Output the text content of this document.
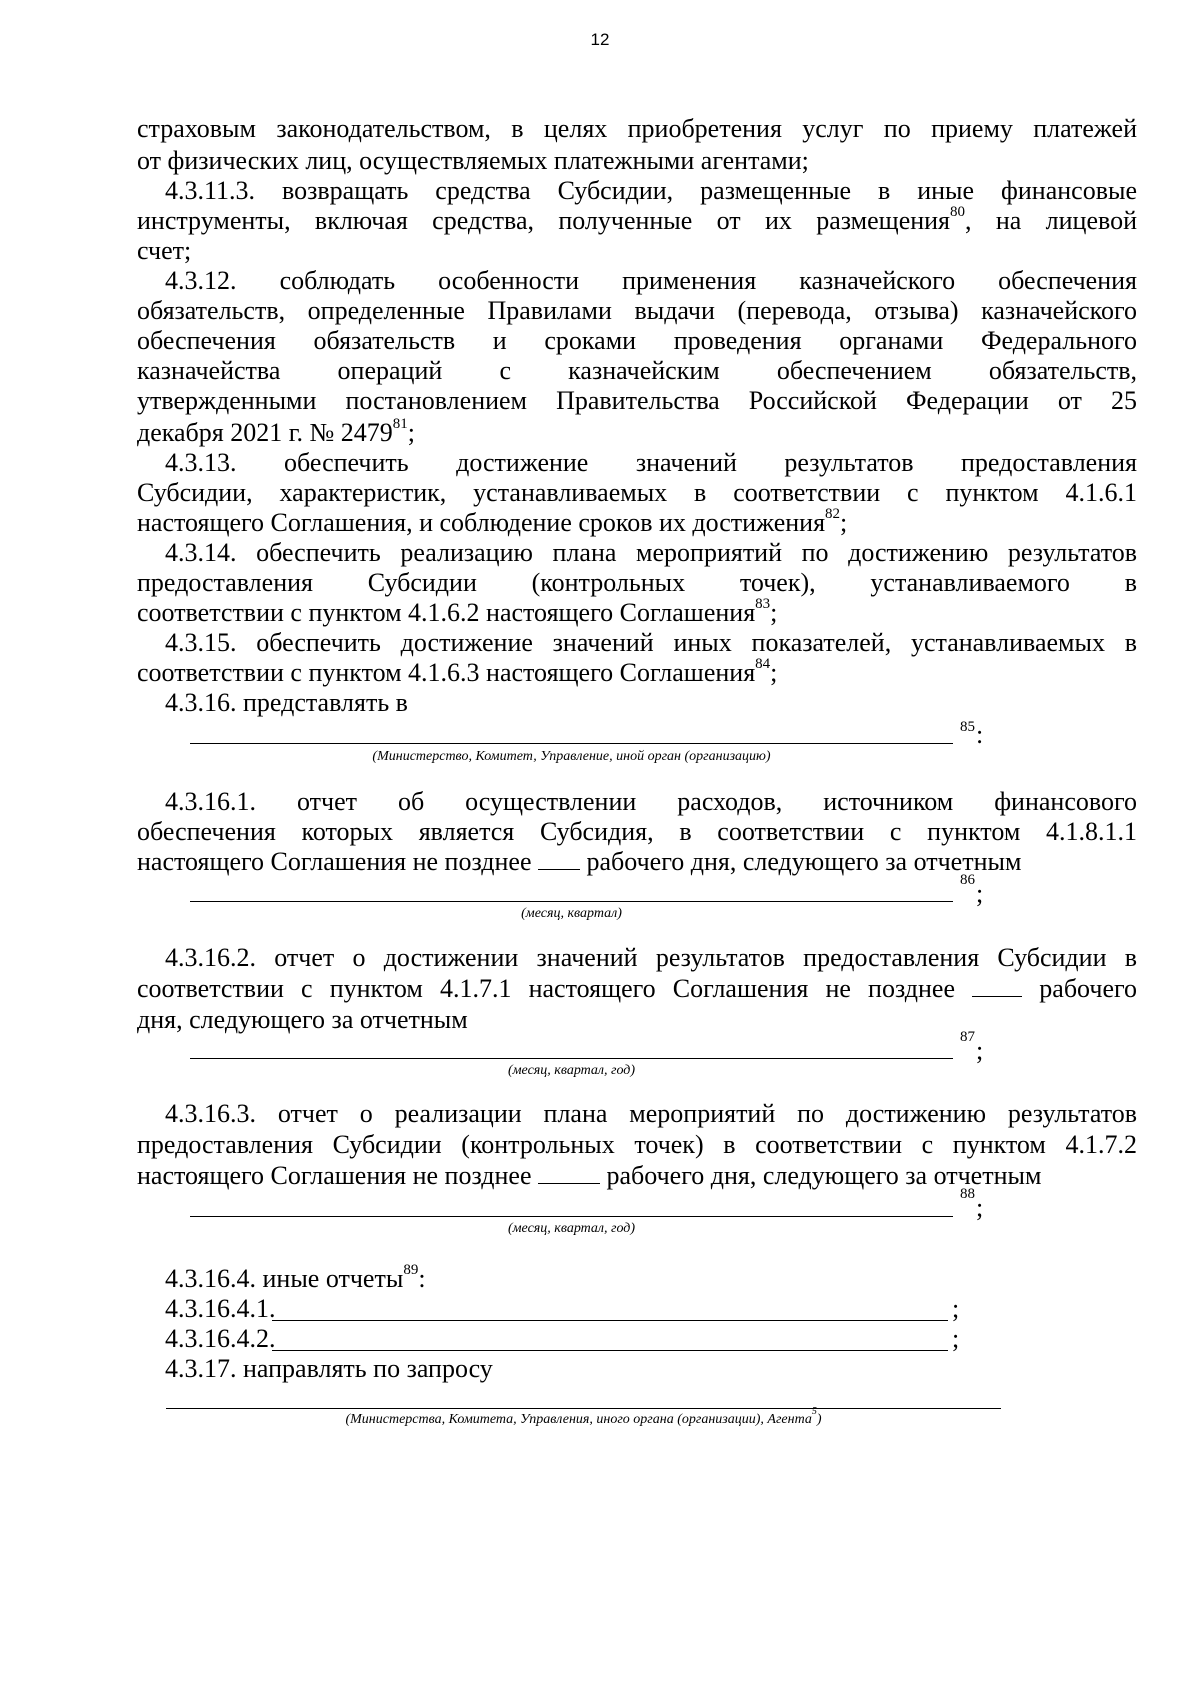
12
страховым законодательством, в целях приобретения услуг по приему платежей
от физических лиц, осуществляемых платежными агентами;
4.3.11.3. возвращать средства Субсидии, размещенные в иные финансовые
инструменты, включая средства, полученные от их размещения$^{80}$, на лицевой
счет;
4.3.12. соблюдать особенности применения казначейского обеспечения
обязательств, определенные Правилами выдачи (перевода, отзыва) казначейского
обеспечения обязательств и сроками проведения органами Федерального
казначейства операций с казначейским обеспечением обязательств,
утвержденными постановлением Правительства Российской Федерации от 25
декабря 2021 г. № 2479$^{81}$;
4.3.13. обеспечить достижение значений результатов предоставления
Субсидии, характеристик, устанавливаемых в соответствии с пунктом 4.1.6.1
настоящего Соглашения, и соблюдение сроков их достижения$^{82}$;
4.3.14. обеспечить реализацию плана мероприятий по достижению результатов
предоставления Субсидии (контрольных точек), устанавливаемого в
соответствии с пунктом 4.1.6.2 настоящего Соглашения$^{83}$;
4.3.15. обеспечить достижение значений иных показателей, устанавливаемых в
соответствии с пунктом 4.1.6.3 настоящего Соглашения$^{84}$;
4.3.16. представлять в
85 :
(Министерство, Комитет, Управление, иной орган (организацию)
4.3.16.1. отчет об осуществлении расходов, источником финансового
обеспечения которых является Субсидия, в соответствии с пунктом 4.1.8.1.1
настоящего Соглашения не позднее рабочего дня, следующего за отчетным
86 ;
(месяц, квартал)
4.3.16.2. отчет о достижении значений результатов предоставления Субсидии в
соответствии с пунктом 4.1.7.1 настоящего Соглашения не позднее	рабочего
дня, следующего за отчетным
87 ;
(месяц, квартал, год)
4.3.16.3. отчет о реализации плана мероприятий по достижению результатов
предоставления Субсидии (контрольных точек) в соответствии с пунктом 4.1.7.2
настоящего Соглашения не позднее	рабочего дня, следующего за отчетным
88 ;
(месяц, квартал, год)
4.3.16.4. иные отчеты$^{89}$:
4.3.16.4.1.	;
4.3.16.4.2.	;
4.3.17. направлять по запросу
(Министерства, Комитета, Управления, иного органа (организации), Агента$^5$)
